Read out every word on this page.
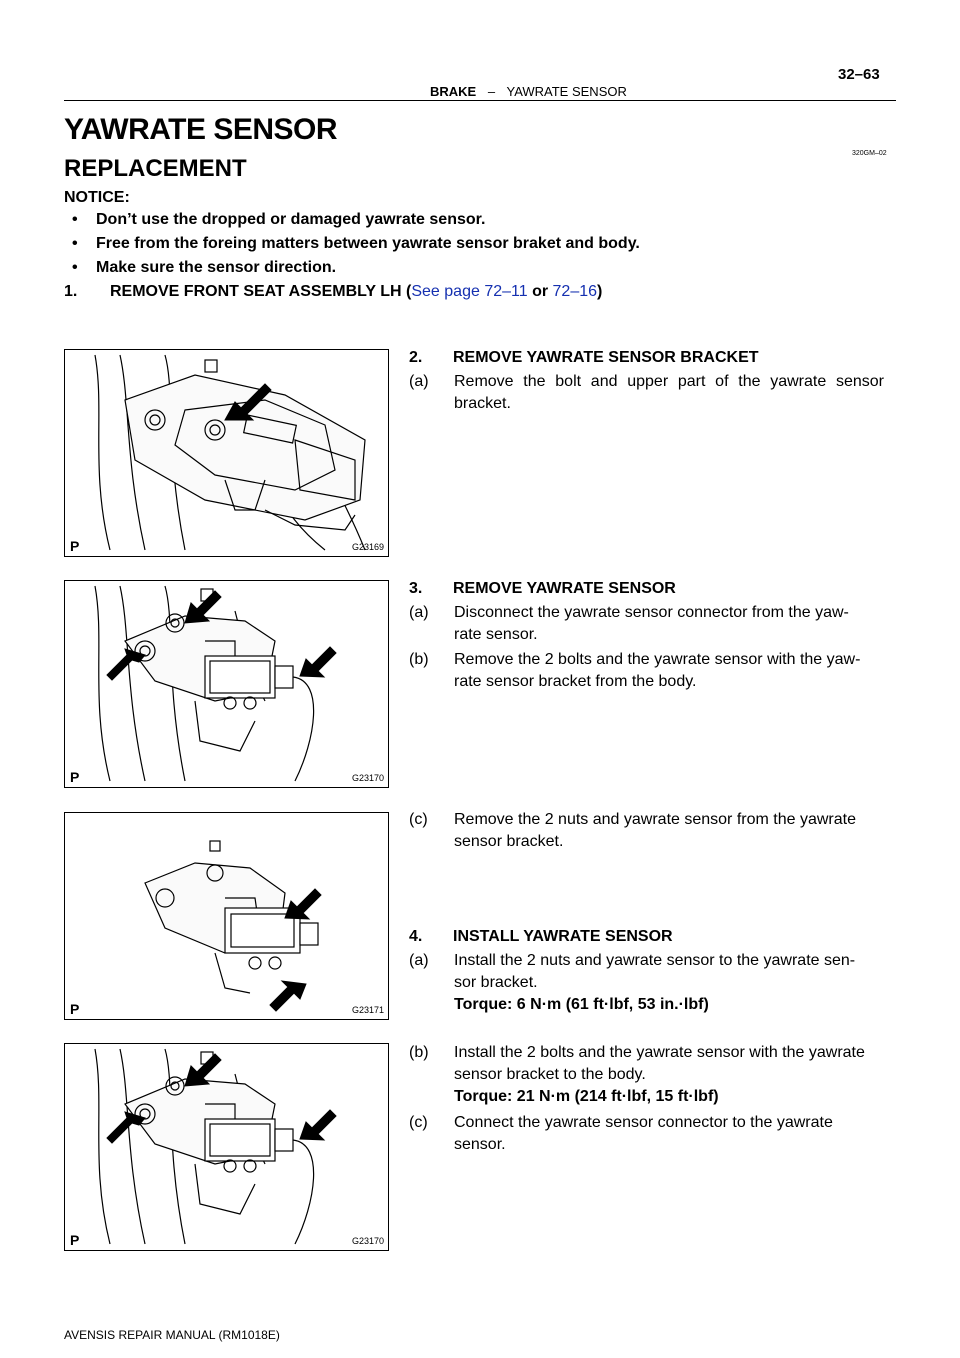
32–63
BRAKE – YAWRATE SENSOR
YAWRATE SENSOR
REPLACEMENT
320GM–02
NOTICE:
• Don’t use the dropped or damaged yawrate sensor.
• Free from the foreing matters between yawrate sensor braket and body.
• Make sure the sensor direction.
1. REMOVE FRONT SEAT ASSEMBLY LH (See page 72–11 or 72–16)
P	G23169
2. REMOVE YAWRATE SENSOR BRACKET
(a) Remove the bolt and upper part of the yawrate sensor
bracket.
P	G23170
3. REMOVE YAWRATE SENSOR
(a) Disconnect the yawrate sensor connector from the yaw-
rate sensor.
(b) Remove the 2 bolts and the yawrate sensor with the yaw-
rate sensor bracket from the body.
P	G23171
(c) Remove the 2 nuts and yawrate sensor from the yawrate
sensor bracket.
4. INSTALL YAWRATE SENSOR
(a) Install the 2 nuts and yawrate sensor to the yawrate sen-
sor bracket.
Torque: 6 N·m (61 ft·lbf, 53 in.·lbf)
P	G23170
(b) Install the 2 bolts and the yawrate sensor with the yawrate
sensor bracket to the body.
Torque: 21 N·m (214 ft·lbf, 15 ft·lbf)
(c) Connect the yawrate sensor connector to the yawrate
sensor.
AVENSIS REPAIR MANUAL (RM1018E)
